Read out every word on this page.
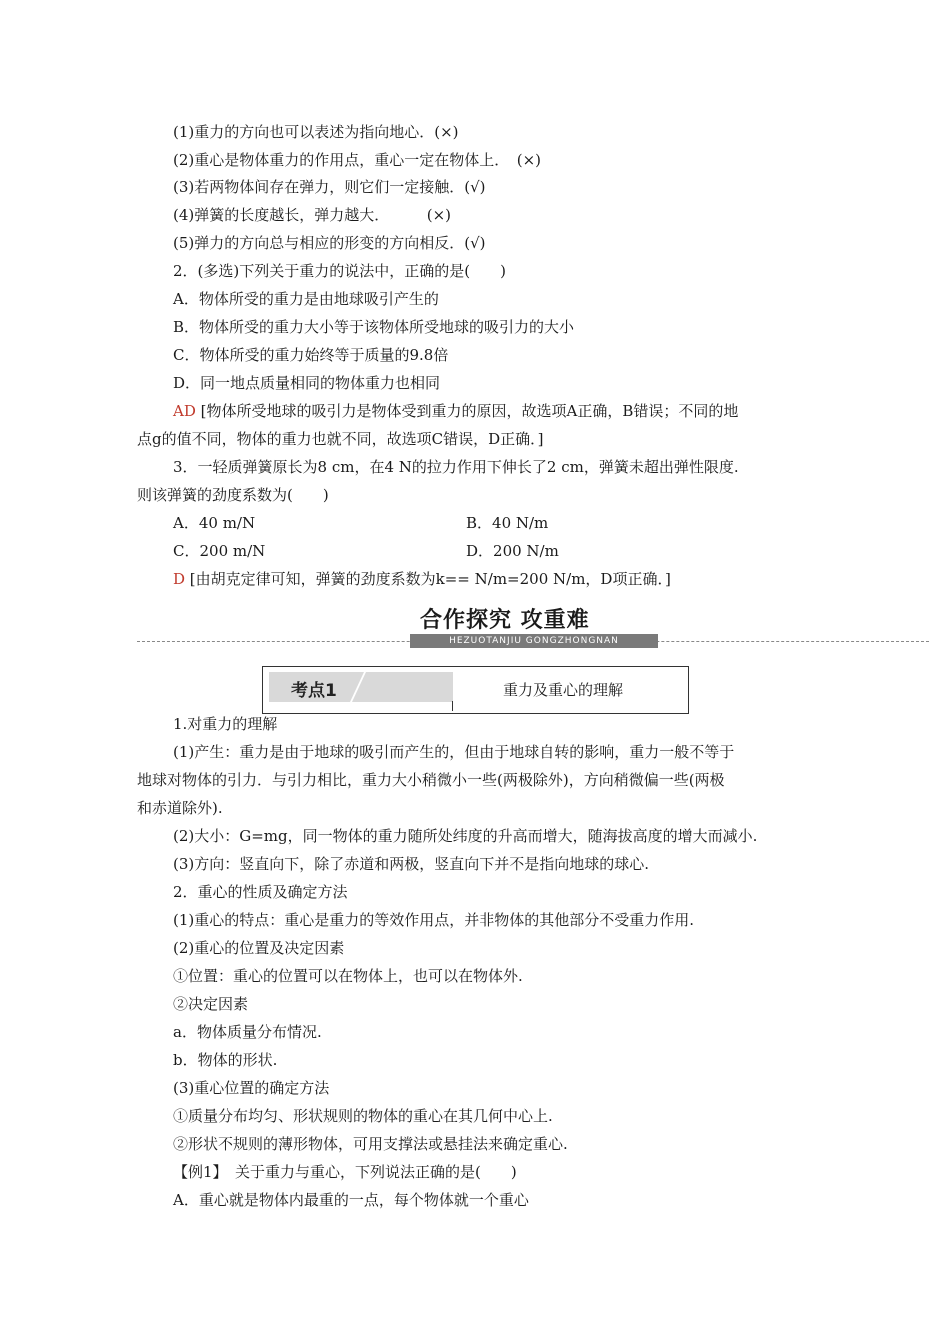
(1)重力的方向也可以表述为指向地心．(×)
(2)重心是物体重力的作用点，重心一定在物体上．　(×)
(3)若两物体间存在弹力，则它们一定接触．(√)
(4)弹簧的长度越长，弹力越大．　　　(×)
(5)弹力的方向总与相应的形变的方向相反．(√)
2．(多选)下列关于重力的说法中，正确的是(　　)
A．物体所受的重力是由地球吸引产生的
B．物体所受的重力大小等于该物体所受地球的吸引力的大小
C．物体所受的重力始终等于质量的9.8倍
D．同一地点质量相同的物体重力也相同
AD [物体所受地球的吸引力是物体受到重力的原因，故选项A正确，B错误；不同的地
点g的值不同，物体的重力也就不同，故选项C错误，D正确．]
3．一轻质弹簧原长为8 cm，在4 N的拉力作用下伸长了2 cm，弹簧未超出弹性限度.
则该弹簧的劲度系数为(　　)
A．40 m/N	B．40 N/m
C．200 m/N	D．200 N/m
D [由胡克定律可知，弹簧的劲度系数为k== N/m=200 N/m，D项正确．]
合作探究 攻重难
HEZUOTANJIU GONGZHONGNAN
考点1	重力及重心的理解
1.对重力的理解
(1)产生：重力是由于地球的吸引而产生的，但由于地球自转的影响，重力一般不等于
地球对物体的引力．与引力相比，重力大小稍微小一些(两极除外)，方向稍微偏一些(两极
和赤道除外).
(2)大小：G=mg，同一物体的重力随所处纬度的升高而增大，随海拔高度的增大而减小.
(3)方向：竖直向下，除了赤道和两极，竖直向下并不是指向地球的球心.
2．重心的性质及确定方法
(1)重心的特点：重心是重力的等效作用点，并非物体的其他部分不受重力作用.
(2)重心的位置及决定因素
①位置：重心的位置可以在物体上，也可以在物体外.
②决定因素
a．物体质量分布情况.
b．物体的形状.
(3)重心位置的确定方法
①质量分布均匀、形状规则的物体的重心在其几何中心上.
②形状不规则的薄形物体，可用支撑法或悬挂法来确定重心.
【例1】　关于重力与重心，下列说法正确的是(　　)
A．重心就是物体内最重的一点，每个物体就一个重心
